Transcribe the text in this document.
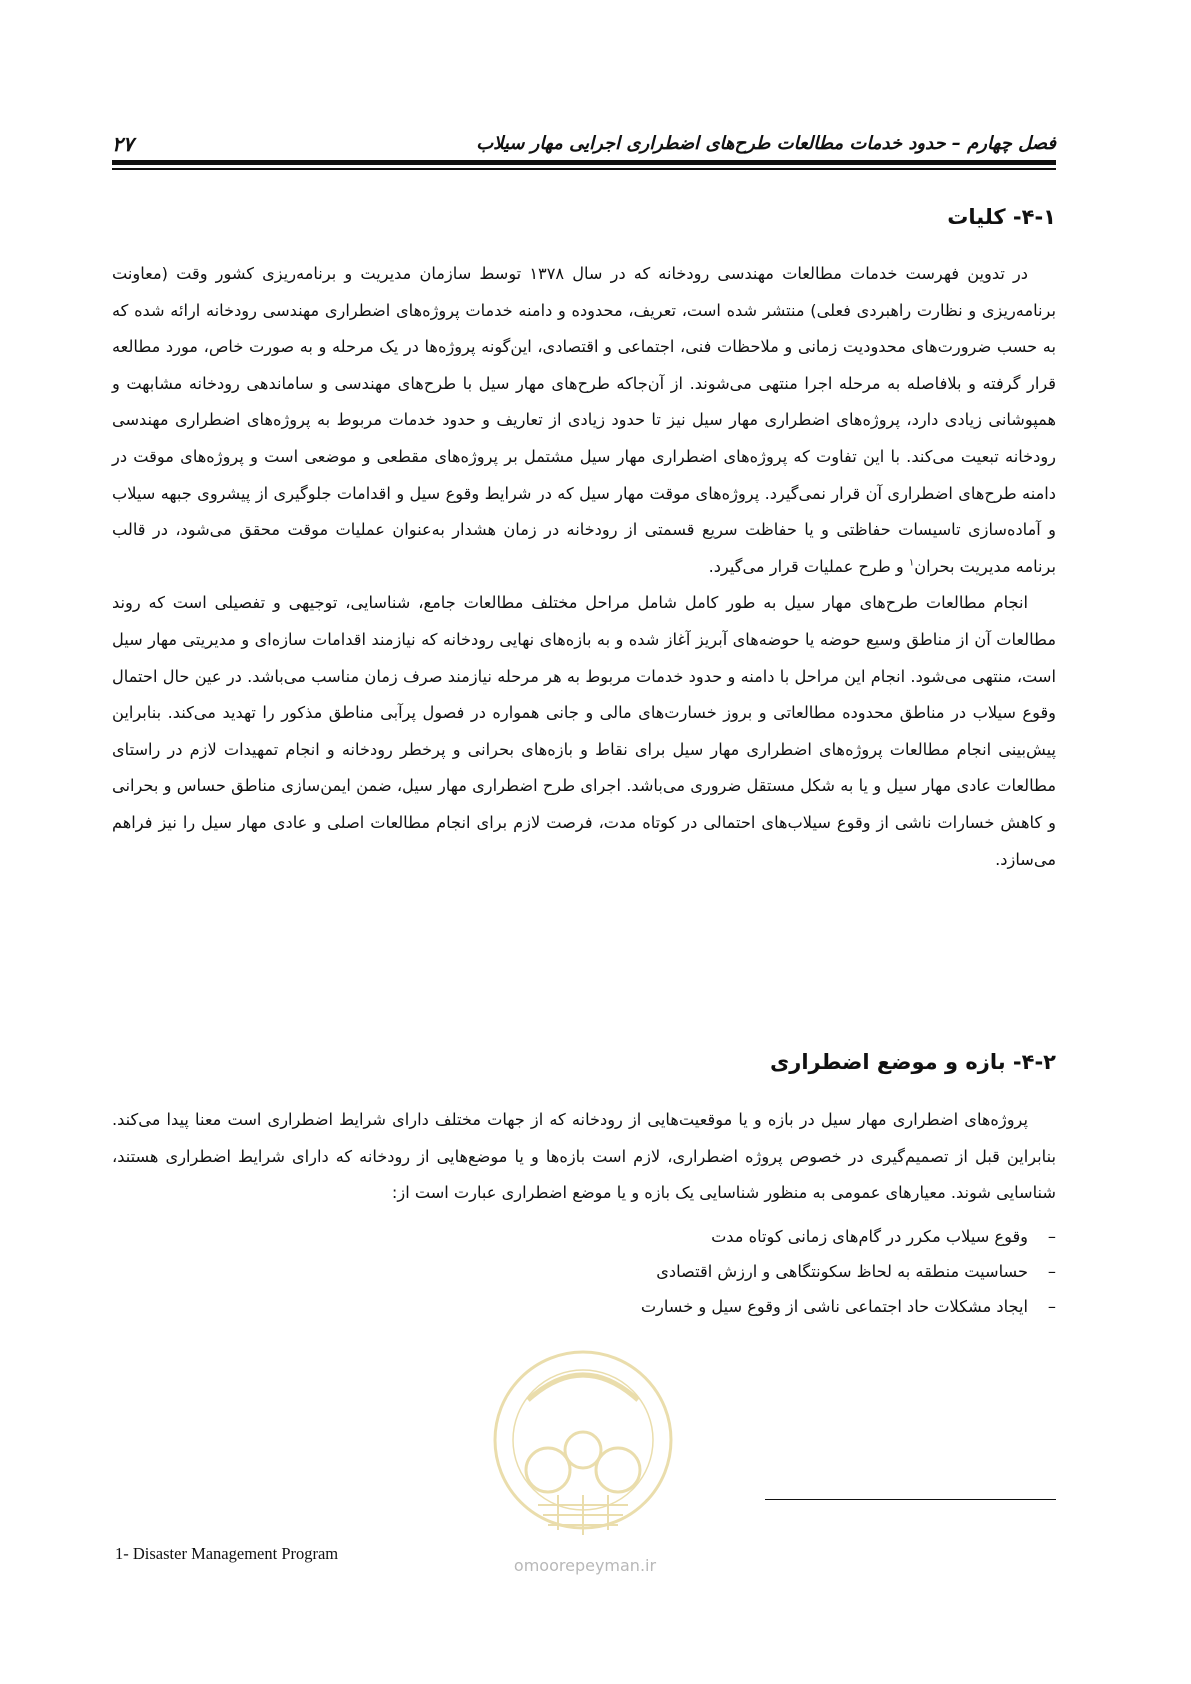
فصل چهارم – حدود خدمات مطالعات طرح‌های اضطراری اجرایی مهار سیلاب
۲۷
۴-۱- کلیات

در تدوین فهرست خدمات مطالعات مهندسی رودخانه که در سال ۱۳۷۸ توسط سازمان مدیریت و برنامه‌ریزی کشور وقت (معاونت برنامه‌ریزی و نظارت راهبردی فعلی) منتشر شده است، تعریف، محدوده و دامنه خدمات پروژه‌های اضطراری مهندسی رودخانه ارائه شده که به حسب ضرورت‌های محدودیت زمانی و ملاحظات فنی، اجتماعی و اقتصادی، این‌گونه پروژه‌ها در یک مرحله و به صورت خاص، مورد مطالعه قرار گرفته و بلافاصله به مرحله اجرا منتهی می‌شوند. از آن‌جاکه طرح‌های مهار سیل با طرح‌های مهندسی و ساماندهی رودخانه مشابهت و همپوشانی زیادی دارد، پروژه‌های اضطراری مهار سیل نیز تا حدود زیادی از تعاریف و حدود خدمات مربوط به پروژه‌های اضطراری مهندسی رودخانه تبعیت می‌کند. با این تفاوت که پروژه‌های اضطراری مهار سیل مشتمل بر پروژه‌های مقطعی و موضعی است و پروژه‌های موقت در دامنه طرح‌های اضطراری آن قرار نمی‌گیرد. پروژه‌های موقت مهار سیل که در شرایط وقوع سیل و اقدامات جلوگیری از پیشروی جبهه سیلاب و آماده‌سازی تاسیسات حفاظتی و یا حفاظت سریع قسمتی از رودخانه در زمان هشدار به‌عنوان عملیات موقت محقق می‌شود، در قالب برنامه مدیریت بحران$^۱$ و طرح عملیات قرار می‌گیرد.

انجام مطالعات طرح‌های مهار سیل به طور کامل شامل مراحل مختلف مطالعات جامع، شناسایی، توجیهی و تفصیلی است که روند مطالعات آن از مناطق وسیع حوضه یا حوضه‌های آبریز آغاز شده و به بازه‌های نهایی رودخانه که نیازمند اقدامات سازه‌ای و مدیریتی مهار سیل است، منتهی می‌شود. انجام این مراحل با دامنه و حدود خدمات مربوط به هر مرحله نیازمند صرف زمان مناسب می‌باشد. در عین حال احتمال وقوع سیلاب در مناطق محدوده مطالعاتی و بروز خسارت‌های مالی و جانی همواره در فصول پرآبی مناطق مذکور را تهدید می‌کند. بنابراین پیش‌بینی انجام مطالعات پروژه‌های اضطراری مهار سیل برای نقاط و بازه‌های بحرانی و پرخطر رودخانه و انجام تمهیدات لازم در راستای مطالعات عادی مهار سیل و یا به شکل مستقل ضروری می‌باشد. اجرای طرح اضطراری مهار سیل، ضمن ایمن‌سازی مناطق حساس و بحرانی و کاهش خسارات ناشی از وقوع سیلاب‌های احتمالی در کوتاه مدت، فرصت لازم برای انجام مطالعات اصلی و عادی مهار سیل را نیز فراهم می‌سازد.

۴-۲- بازه و موضع اضطراری

پروژه‌های اضطراری مهار سیل در بازه و یا موقعیت‌هایی از رودخانه که از جهات مختلف دارای شرایط اضطراری است معنا پیدا می‌کند. بنابراین قبل از تصمیم‌گیری در خصوص پروژه اضطراری، لازم است بازه‌ها و یا موضع‌هایی از رودخانه که دارای شرایط اضطراری هستند، شناسایی شوند. معیارهای عمومی به منظور شناسایی یک بازه و یا موضع اضطراری عبارت است از:

–
وقوع سیلاب مکرر در گام‌های زمانی کوتاه مدت
–
حساسیت منطقه به لحاظ سکونتگاهی و ارزش اقتصادی
–
ایجاد مشکلات حاد اجتماعی ناشی از وقوع سیل و خسارت
omoorepeyman.ir
1- Disaster Management Program
